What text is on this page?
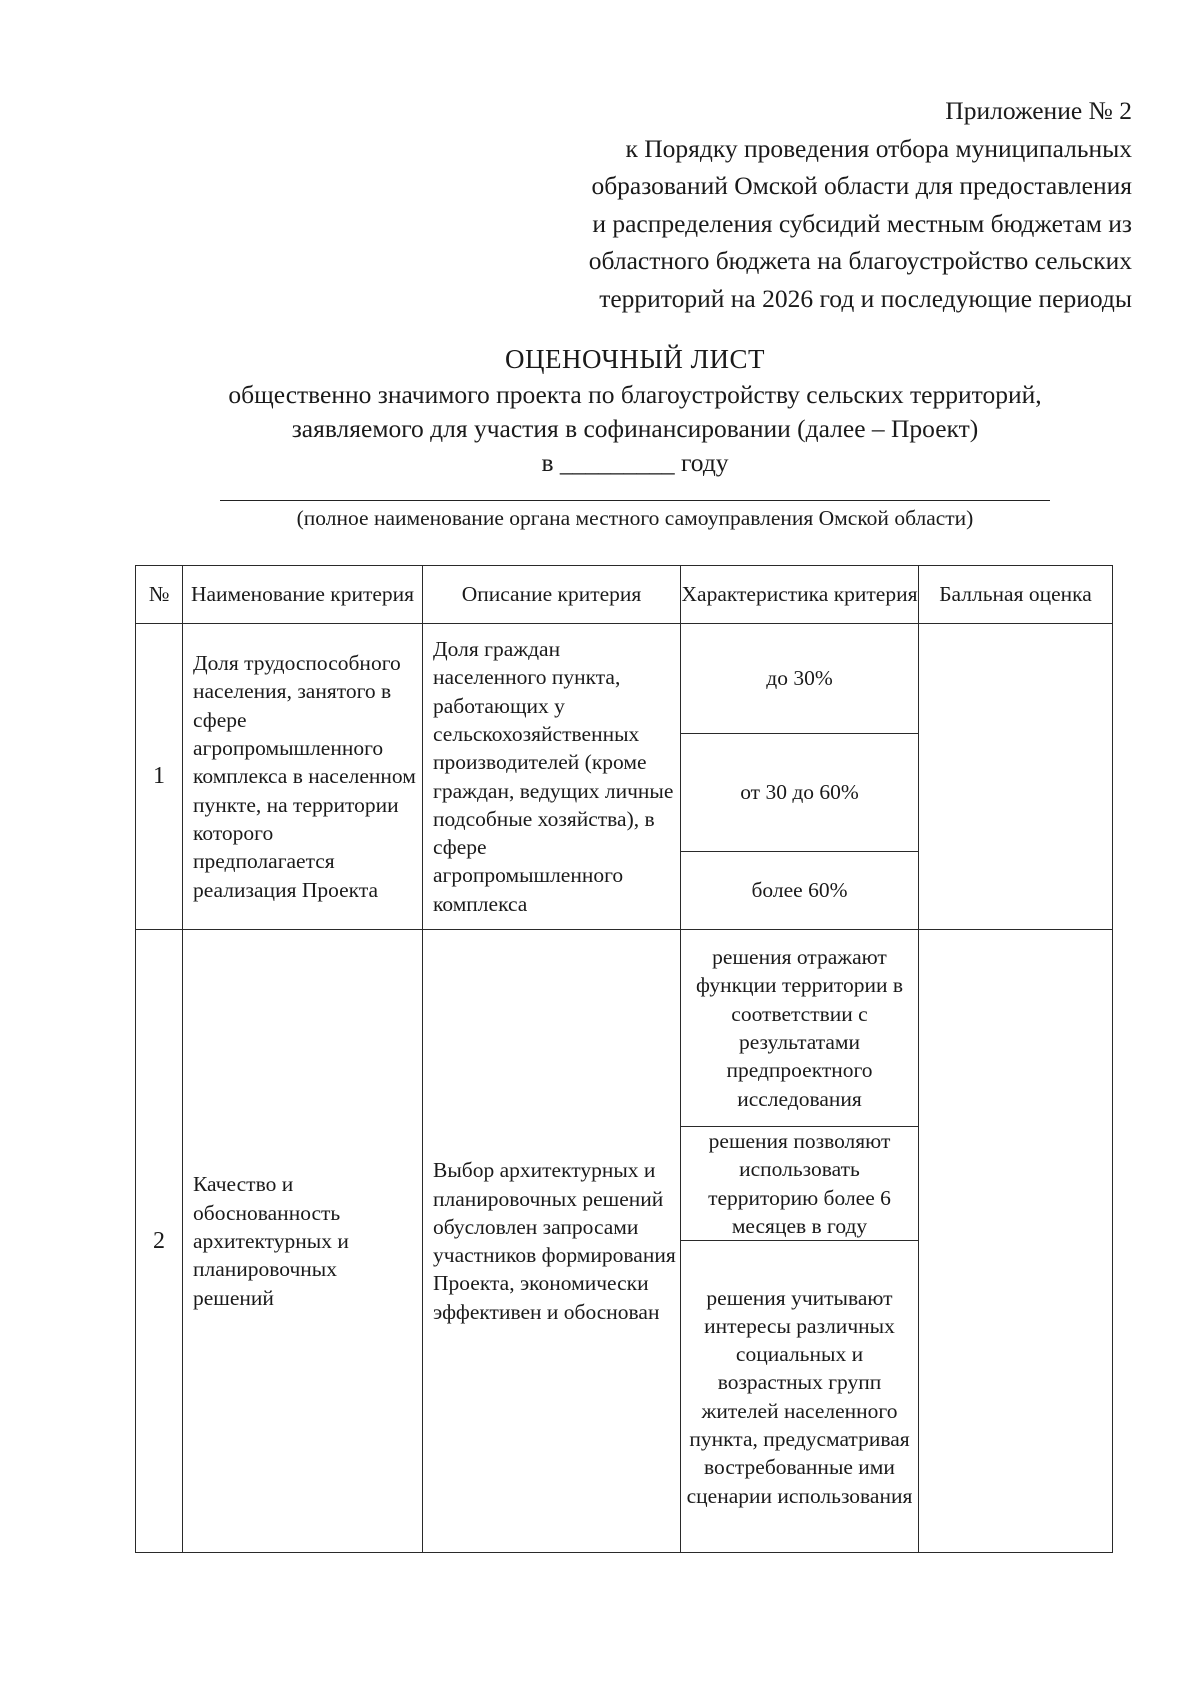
Приложение № 2
к Порядку проведения отбора муниципальных
образований Омской области для предоставления
и распределения субсидий местным бюджетам из
областного бюджета на благоустройство сельских
территорий на 2026 год и последующие периоды
ОЦЕНОЧНЫЙ ЛИСТ
общественно значимого проекта по благоустройству сельских территорий,
заявляемого для участия в софинансировании (далее – Проект)
в _________ году
(полное наименование органа местного самоуправления Омской области)
№	Наименование критерия	Описание критерия	Характеристика критерия	Балльная оценка
1	Доля трудоспособного населения, занятого в сфере агропромышленного комплекса в населенном пункте, на территории которого предполагается реализация Проекта	Доля граждан населенного пункта, работающих у сельскохозяйственных производителей (кроме граждан, ведущих личные подсобные хозяйства), в сфере агропромышленного комплекса	до 30%	
			от 30 до 60%	
			более 60%	
2	Качество и обоснованность архитектурных и планировочных решений	Выбор архитектурных и планировочных решений обусловлен запросами участников формирования Проекта, экономически эффективен и обоснован	решения отражают функции территории в соответствии с результатами предпроектного исследования	
			решения позволяют использовать территорию более 6 месяцев в году	
			решения учитывают интересы различных социальных и возрастных групп жителей населенного пункта, предусматривая востребованные ими сценарии использования	
